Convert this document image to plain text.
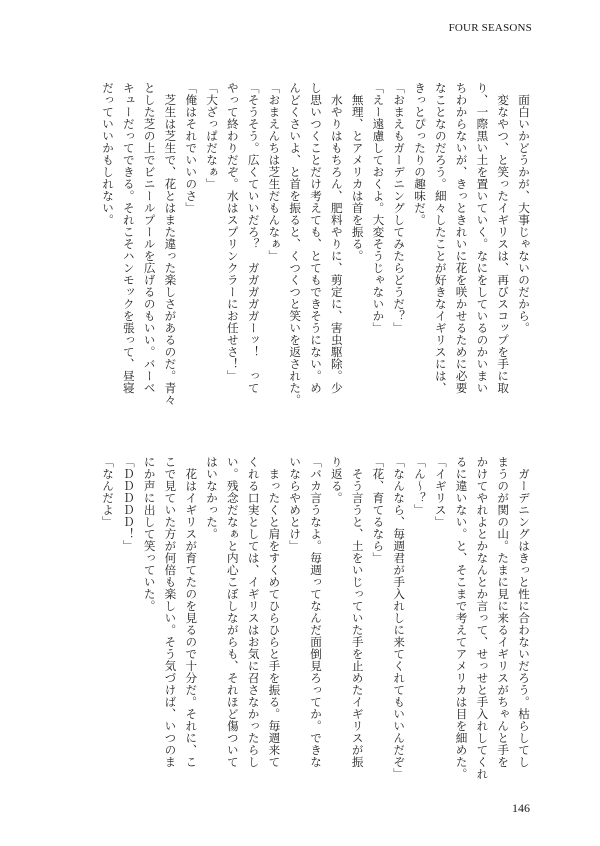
FOUR SEASONS

　面白いかどうかが、大事じゃないのだから。

　変なやつ、と笑ったイギリスは、再びスコップを手に取

り、一際黒い土を置いていく。なにをしているのかいまい

ちわからないが、きっときれいに花を咲かせるために必要

なことなのだろう。細々したことが好きなイギリスには、

きっとぴったりの趣味だ。

「おまえもガーデニングしてみたらどうだ？」

「えー遠慮しておくよ。大変そうじゃないか」

　無理、とアメリカは首を振る。

　水やりはもちろん、肥料やりに、剪定に、害虫駆除。少

し思いつくことだけ考えても、とてもできそうにない。め

んどくさいよ、と首を振ると、くつくつと笑いを返された。

「おまえんちは芝生だもんなぁ」

「そうそう。広くていいだろ？　ガガガガガーッ！　って

やって終わりだぞ。水はスプリンクラーにお任せさ！」

「大ざっぱだなぁ」

「俺はそれでいいのさ」

　芝生は芝生で、花とはまた違った楽しさがあるのだ。青々

とした芝の上でビニールプールを広げるのもいい。バーベ

キューだってできる。それこそハンモックを張って、昼寝

だっていいかもしれない。

　ガーデニングはきっと性に合わないだろう。枯らしてし

まうのが関の山。たまに見に来るイギリスがちゃんと手を

かけてやれよとかなんとか言って、せっせと手入れしてくれ

るに違いない。と、そこまで考えてアメリカは目を細めた。

「イギリス」

「ん～？」

「なんなら、毎週君が手入れしに来てくれてもいいんだぞ」

「花、育てるなら」

　そう言うと、土をいじっていた手を止めたイギリスが振

り返る。

「バカ言うなよ。毎週ってなんだ面倒見ろってか。できな

いならやめとけ」

　まったくと肩をすくめてひらひらと手を振る。毎週来て

くれる口実としては、イギリスはお気に召さなかったらし

い。残念だなぁと内心こぼしながらも、それほど傷ついて

はいなかった。

　花はイギリスが育てたのを見るので十分だ。それに、こ

こで見ていた方が何倍も楽しい。そう気づけば、いつのま

にか声に出して笑っていた。

「ＤＤＤＤＤ！」

「なんだよ」

146
